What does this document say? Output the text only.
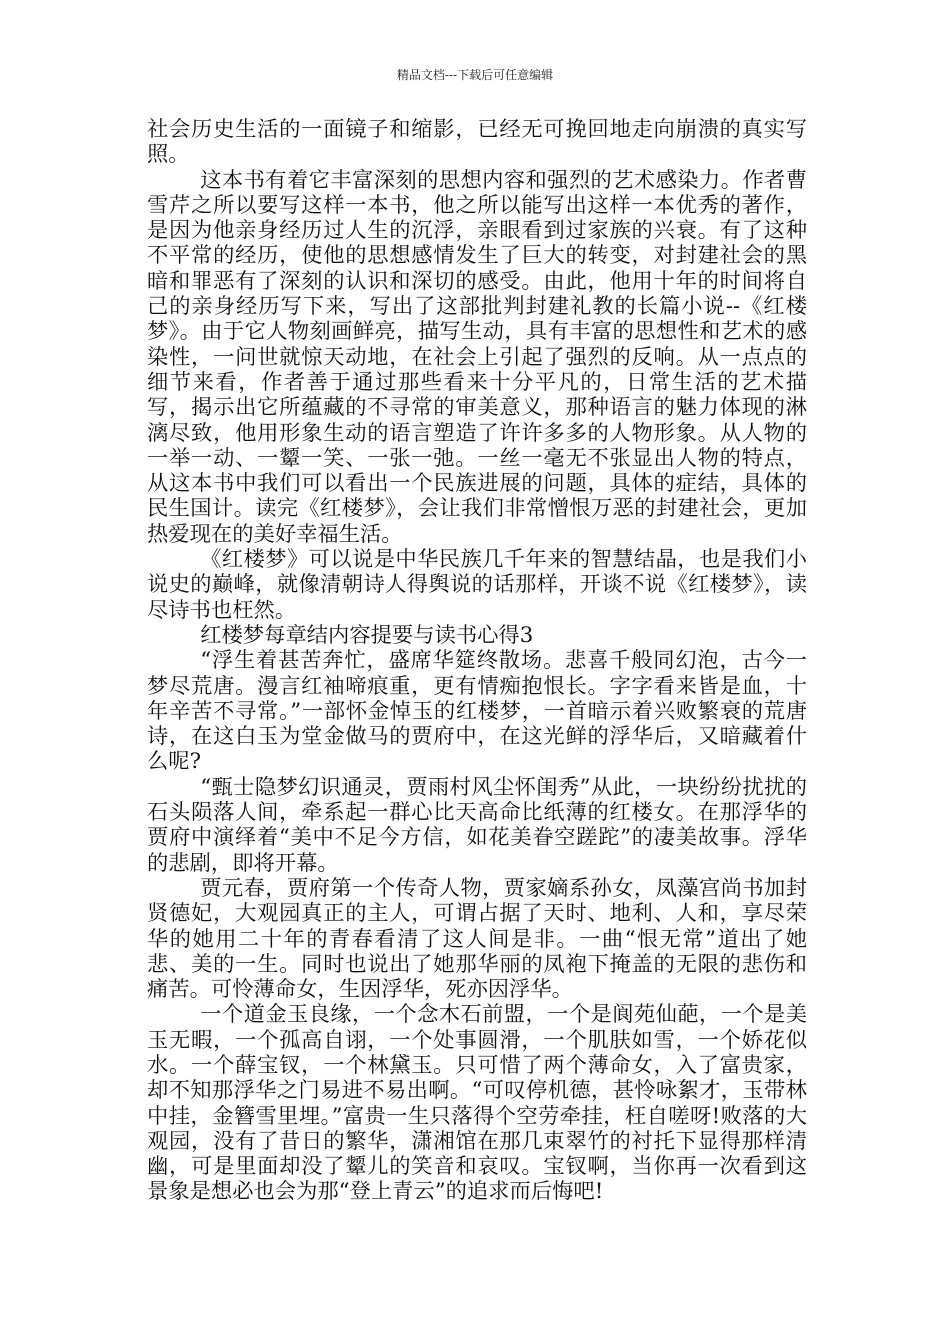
精品文档---下载后可任意编辑

社会历史生活的一面镜子和缩影，已经无可挽回地走向崩溃的真实写照。

这本书有着它丰富深刻的思想内容和强烈的艺术感染力。作者曹雪芹之所以要写这样一本书，他之所以能写出这样一本优秀的著作，是因为他亲身经历过人生的沉浮，亲眼看到过家族的兴衰。有了这种不平常的经历，使他的思想感情发生了巨大的转变，对封建社会的黑暗和罪恶有了深刻的认识和深切的感受。由此，他用十年的时间将自己的亲身经历写下来，写出了这部批判封建礼教的长篇小说--《红楼梦》。由于它人物刻画鲜亮，描写生动，具有丰富的思想性和艺术的感染性，一问世就惊天动地，在社会上引起了强烈的反响。从一点点的细节来看，作者善于通过那些看来十分平凡的，日常生活的艺术描写，揭示出它所蕴藏的不寻常的审美意义，那种语言的魅力体现的淋漓尽致，他用形象生动的语言塑造了许许多多的人物形象。从人物的一举一动、一颦一笑、一张一弛。一丝一毫无不张显出人物的特点，从这本书中我们可以看出一个民族进展的问题，具体的症结，具体的民生国计。读完《红楼梦》，会让我们非常憎恨万恶的封建社会，更加热爱现在的美好幸福生活。

《红楼梦》可以说是中华民族几千年来的智慧结晶，也是我们小说史的巅峰，就像清朝诗人得舆说的话那样，开谈不说《红楼梦》，读尽诗书也枉然。

红楼梦每章结内容提要与读书心得3

“浮生着甚苦奔忙，盛席华筵终散场。悲喜千般同幻泡，古今一梦尽荒唐。漫言红袖啼痕重，更有情痴抱恨长。字字看来皆是血，十年辛苦不寻常。”一部怀金悼玉的红楼梦，一首暗示着兴败繁衰的荒唐诗，在这白玉为堂金做马的贾府中，在这光鲜的浮华后，又暗藏着什么呢?

“甄士隐梦幻识通灵，贾雨村风尘怀闺秀”从此，一块纷纷扰扰的石头陨落人间，牵系起一群心比天高命比纸薄的红楼女。在那浮华的贾府中演绎着“美中不足今方信，如花美眷空蹉跎”的凄美故事。浮华的悲剧，即将开幕。

贾元春，贾府第一个传奇人物，贾家嫡系孙女，凤藻宫尚书加封贤德妃，大观园真正的主人，可谓占据了天时、地利、人和，享尽荣华的她用二十年的青春看清了这人间是非。一曲“恨无常”道出了她悲、美的一生。同时也说出了她那华丽的凤袍下掩盖的无限的悲伤和痛苦。可怜薄命女，生因浮华，死亦因浮华。

一个道金玉良缘，一个念木石前盟，一个是阆苑仙葩，一个是美玉无暇，一个孤高自诩，一个处事圆滑，一个肌肤如雪，一个娇花似水。一个薛宝钗，一个林黛玉。只可惜了两个薄命女，入了富贵家，却不知那浮华之门易进不易出啊。“可叹停机德，甚怜咏絮才，玉带林中挂，金簪雪里埋。”富贵一生只落得个空劳牵挂，枉自嗟呀!败落的大观园，没有了昔日的繁华，潇湘馆在那几束翠竹的衬托下显得那样清幽，可是里面却没了颦儿的笑音和哀叹。宝钗啊，当你再一次看到这景象是想必也会为那“登上青云”的追求而后悔吧!
